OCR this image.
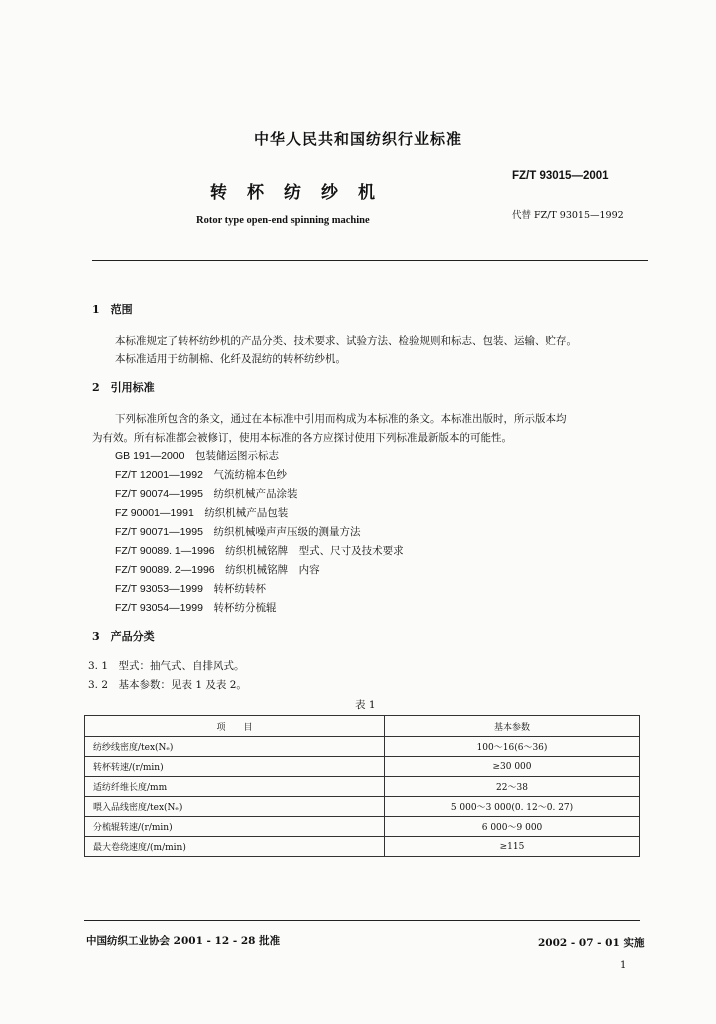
中华人民共和国纺织行业标准
转杯纺纱机
Rotor type open-end spinning machine
FZ/T 93015—2001
代替 FZ/T 93015—1992
1　 范围
本标准规定了转杯纺纱机的产品分类、技术要求、试验方法、检验规则和标志、包装、运输、贮存。
本标准适用于纺制棉、化纤及混纺的转杯纺纱机。
2　 引用标准
下列标准所包含的条文，通过在本标准中引用而构成为本标准的条文。本标准出版时，所示版本均
为有效。所有标准都会被修订，使用本标准的各方应探讨使用下列标准最新版本的可能性。
GB 191—2000　 包装储运图示标志
FZ/T 12001—1992　 气流纺棉本色纱
FZ/T 90074—1995　 纺织机械产品涂装
FZ 90001—1991　 纺织机械产品包装
FZ/T 90071—1995　 纺织机械噪声声压级的测量方法
FZ/T 90089. 1—1996　 纺织机械铭牌　型式、尺寸及技术要求
FZ/T 90089. 2—1996　 纺织机械铭牌　内容
FZ/T 93053—1999　 转杯纺转杯
FZ/T 93054—1999　 转杯纺分梳辊
3　 产品分类
3. 1　 型式：抽气式、自排风式。
3. 2　 基本参数：见表 1 及表 2。
表 1
项　　目	基本参数
纺纱线密度/tex(Nₑ)	100～16(6～36)
转杯转速/(r/min)	≥30 000
适纺纤维长度/mm	22～38
喂入品线密度/tex(Nₑ)	5 000～3 000(0. 12～0. 27)
分梳辊转速/(r/min)	6 000～9 000
最大卷绕速度/(m/min)	≥115
中国纺织工业协会 2001 - 12 - 28 批准	2002 - 07 - 01 实施
1
